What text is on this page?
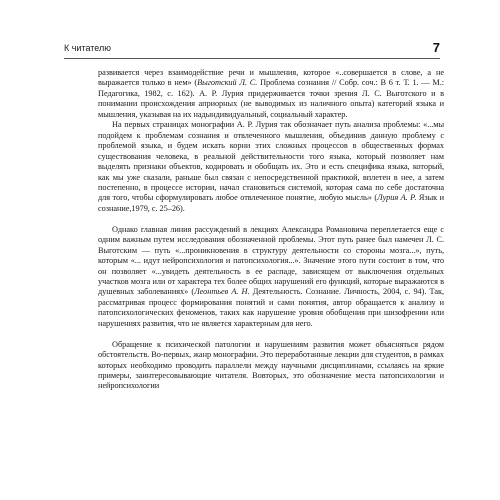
К читателю	7

развивается через взаимодействие речи и мышления, которое «..совершается в слове, а не выражается только в нем» (Выготский Л. С. Проблема сознания // Собр. соч.: В 6 т. Т. 1. — М.: Педагогика, 1982, с. 162). А. Р. Лурия придерживается точки зрения Л. С. Выготского и в понимании происхождения априорных (не выводимых из наличного опыта) категорий языка и мышления, указывая на их надындивидуальный, социальный характер.

На первых страницах монографии А. Р. Лурия так обозначает путь анализа проблемы: «...мы подойдем к проблемам сознания и отвлеченного мышления, объединив данную проблему с проблемой языка, и будем искать корни этих сложных процессов в общественных формах существования человека, в реальной действительности того языка, который позволяет нам выделять признаки объектов, кодировать и обобщать их. Это и есть специфика языка, который, как мы уже сказали, раньше был связан с непосредственной практикой, вплетен в нее, а затем постепенно, в процессе истории, начал становиться системой, которая сама по себе достаточна для того, чтобы сформулировать любое отвлеченное понятие, любую мысль» (Лурия А. Р. Язык и сознание,1979, с. 25–26).

Однако главная линия рассуждений в лекциях Александра Романовича переплетается еще с одним важным путем исследования обозначенной проблемы. Этот путь ранее был намечен Л. С. Выготским — путь «...проникновения в структуру деятельности со стороны мозга...», путь, которым «... идут нейропсихология и патопсихология...». Значение этого пути состоит в том, что он позволяет «...увидеть деятельность в ее распаде, зависящем от выключения отдельных участков мозга или от характера тех более общих нарушений его функций, которые выражаются в душевных заболеваниях» (Леонтьев А. Н. Деятельность. Сознание. Личность, 2004, с. 94). Так, рассматривая процесс формирования понятий и сами понятия, автор обращается к анализу и патопсихологических феноменов, таких как нарушение уровня обобщения при шизофрении или нарушениях развития, что не является характерным для него.

Обращение к психической патологии и нарушениям развития может объясняться рядом обстоятельств. Во-первых, жанр монографии. Это переработанные лекции для студентов, в рамках которых необходимо проводить параллели между научными дисциплинами, ссылаясь на яркие примеры, заинтересовывающие читателя. Вовторых, это обозначение места патопсихологии и нейропсихологии
